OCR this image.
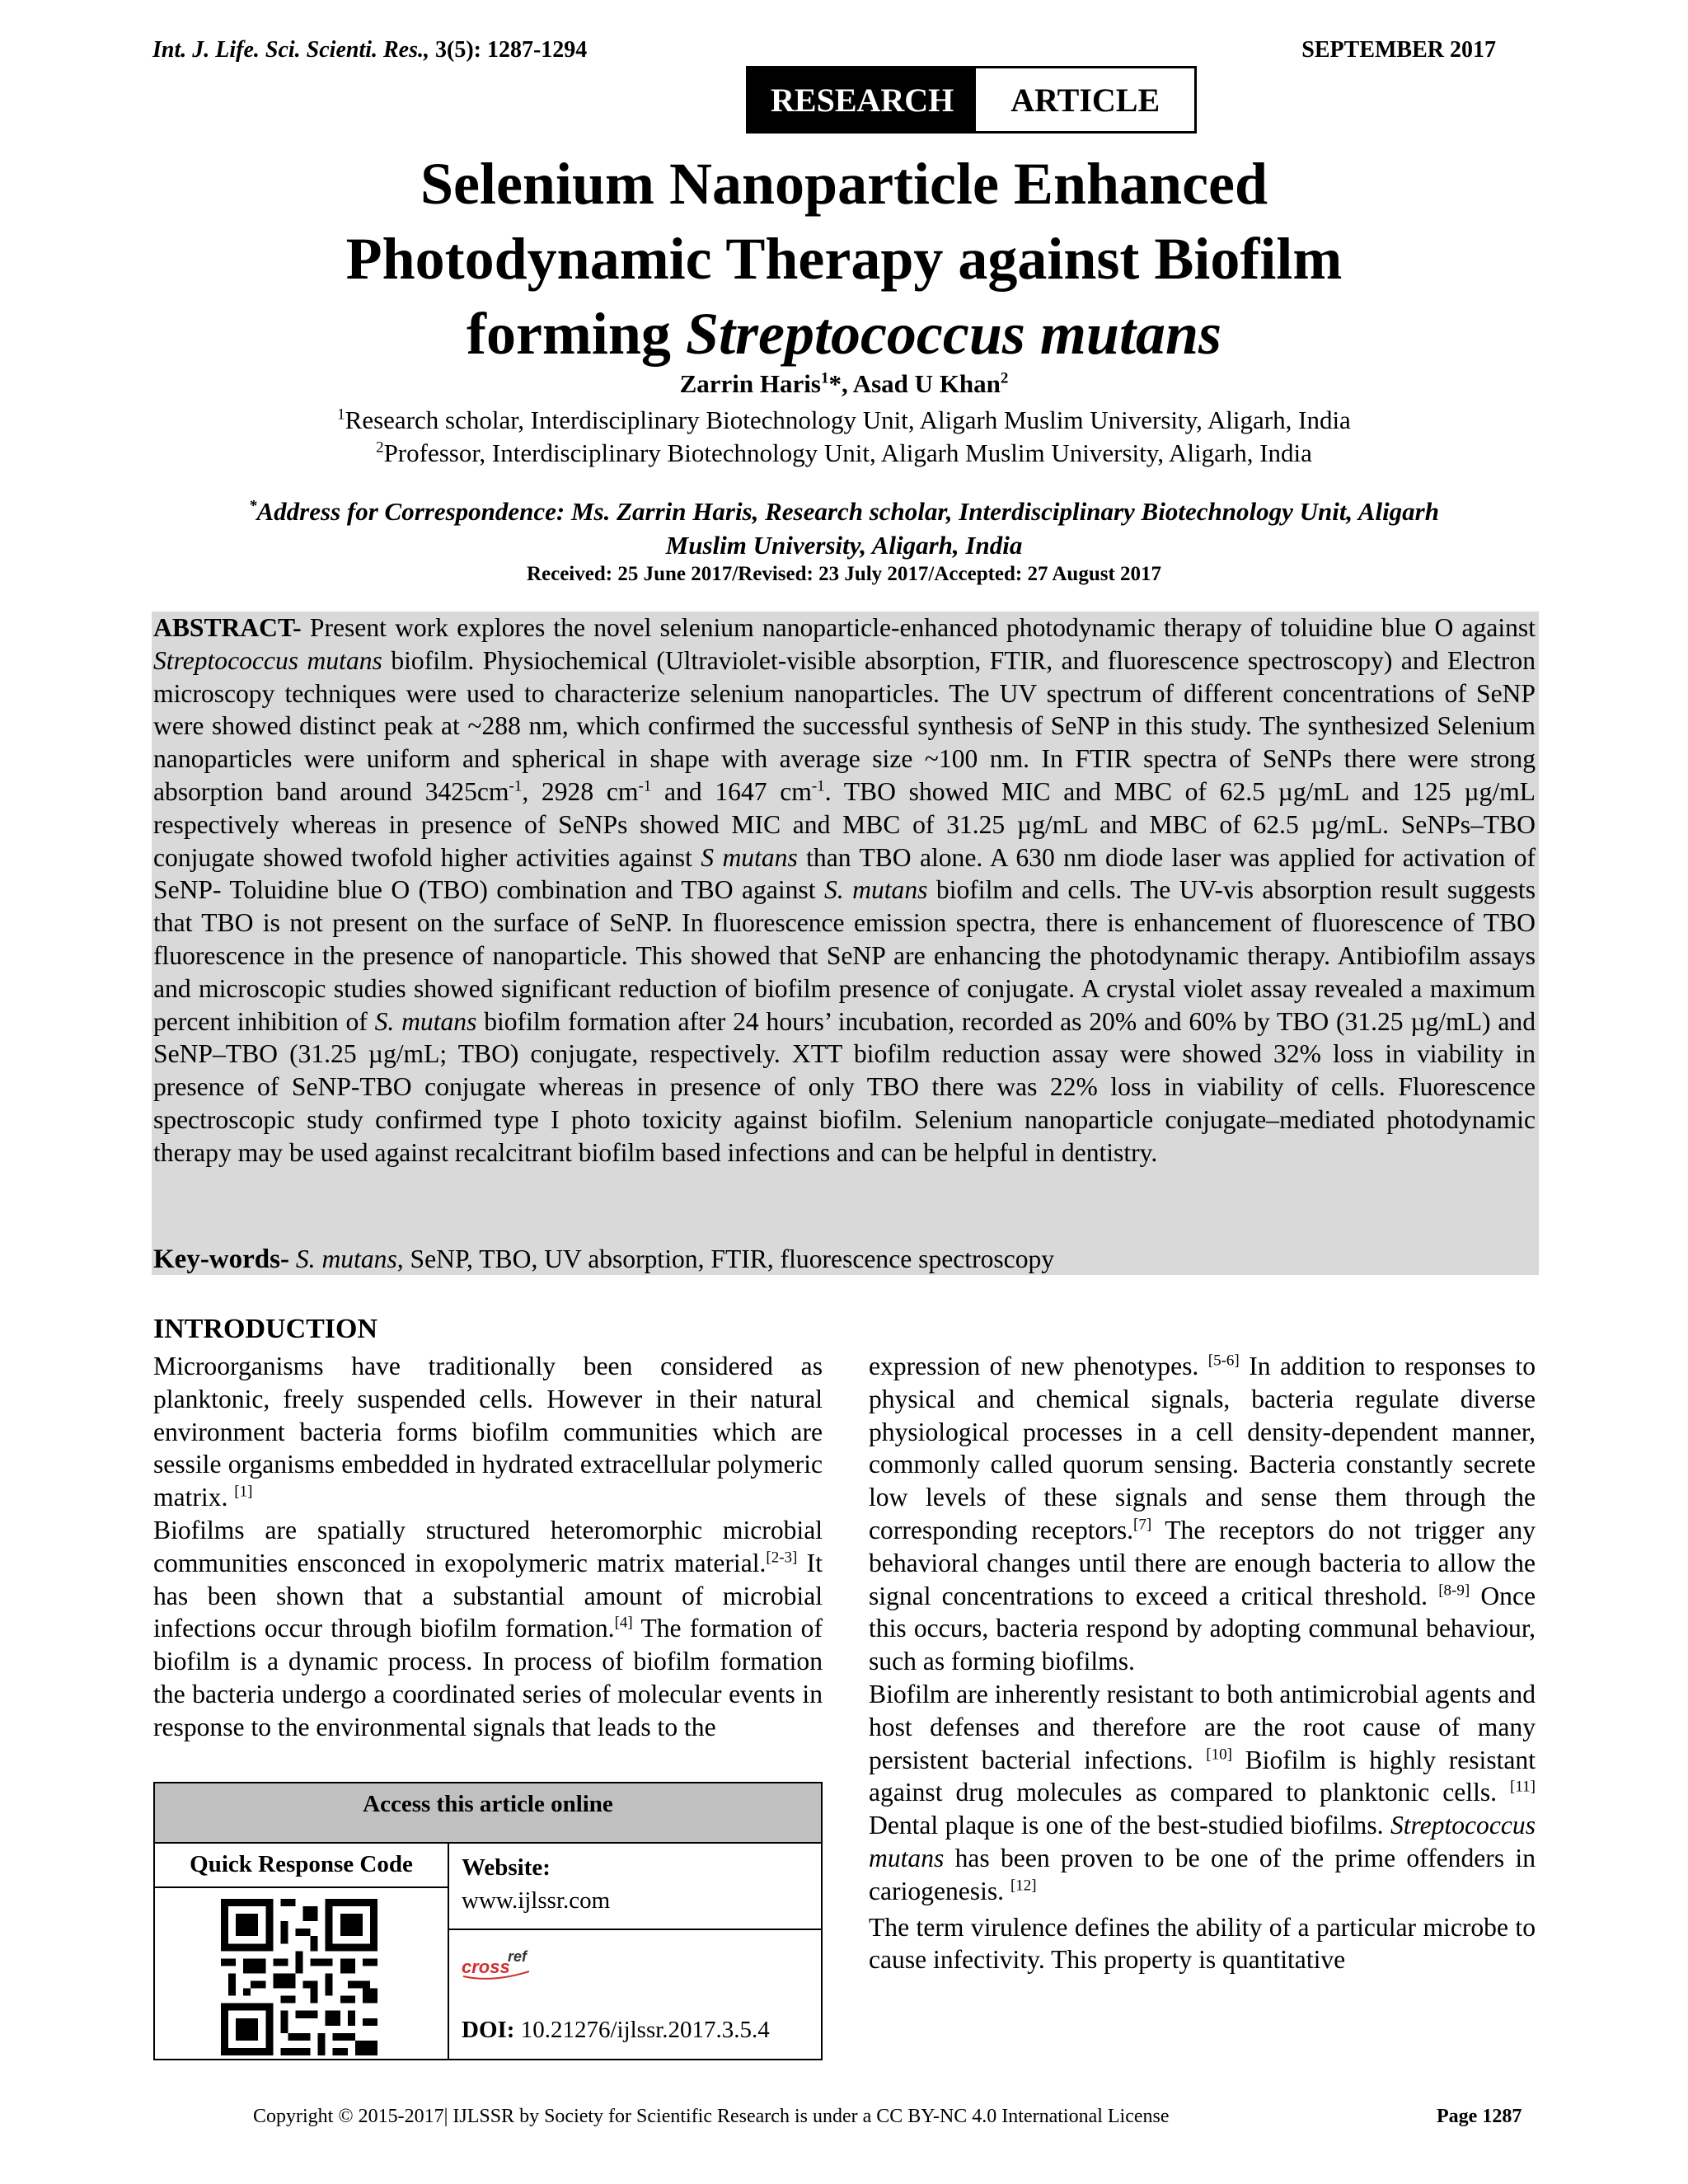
Int. J. Life. Sci. Scienti. Res., 3(5): 1287-1294	SEPTEMBER 2017
RESEARCH	ARTICLE
Selenium Nanoparticle Enhanced
Photodynamic Therapy against Biofilm
forming Streptococcus mutans
Zarrin Haris$^1$*, Asad U Khan$^2$
$^1$Research scholar, Interdisciplinary Biotechnology Unit, Aligarh Muslim University, Aligarh, India
$^2$Professor, Interdisciplinary Biotechnology Unit, Aligarh Muslim University, Aligarh, India
*Address for Correspondence: Ms. Zarrin Haris, Research scholar, Interdisciplinary Biotechnology Unit, Aligarh
Muslim University, Aligarh, India
Received: 25 June 2017/Revised: 23 July 2017/Accepted: 27 August 2017
ABSTRACT- Present work explores the novel selenium nanoparticle-enhanced photodynamic therapy of toluidine blue O against Streptococcus mutans biofilm. Physiochemical (Ultraviolet-visible absorption, FTIR, and fluorescence spectroscopy) and Electron microscopy techniques were used to characterize selenium nanoparticles. The UV spectrum of different concentrations of SeNP were showed distinct peak at ~288 nm, which confirmed the successful synthesis of SeNP in this study. The synthesized Selenium nanoparticles were uniform and spherical in shape with average size ~100 nm. In FTIR spectra of SeNPs there were strong absorption band around $3425cm^{-1}$, 2928 $cm^{-1}$ and 1647 $cm^{-1}$. TBO showed MIC and MBC of 62.5 µg/mL and 125 µg/mL respectively whereas in presence of SeNPs showed MIC and MBC of 31.25 µg/mL and MBC of 62.5 µg/mL. SeNPs–TBO conjugate showed twofold higher activities against S mutans than TBO alone. A 630 nm diode laser was applied for activation of SeNP- Toluidine blue O (TBO) combination and TBO against S. mutans biofilm and cells. The UV-vis absorption result suggests that TBO is not present on the surface of SeNP. In fluorescence emission spectra, there is enhancement of fluorescence of TBO fluorescence in the presence of nanoparticle. This showed that SeNP are enhancing the photodynamic therapy. Antibiofilm assays and microscopic studies showed significant reduction of biofilm presence of conjugate. A crystal violet assay revealed a maximum percent inhibition of S. mutans biofilm formation after 24 hours’ incubation, recorded as 20% and 60% by TBO (31.25 µg/mL) and SeNP–TBO (31.25 µg/mL; TBO) conjugate, respectively. XTT biofilm reduction assay were showed 32% loss in viability in presence of SeNP-TBO conjugate whereas in presence of only TBO there was 22% loss in viability of cells. Fluorescence spectroscopic study confirmed type I photo toxicity against biofilm. Selenium nanoparticle conjugate–mediated photodynamic therapy may be used against recalcitrant biofilm based infections and can be helpful in dentistry.
Key-words- S. mutans, SeNP, TBO, UV absorption, FTIR, fluorescence spectroscopy
INTRODUCTION
Microorganisms have traditionally been considered as planktonic, freely suspended cells. However in their natural environment bacteria forms biofilm communities which are sessile organisms embedded in hydrated extracellular polymeric matrix. [1]
Biofilms are spatially structured heteromorphic microbial communities ensconced in exopolymeric matrix material.[2-3] It has been shown that a substantial amount of microbial infections occur through biofilm formation.[4] The formation of biofilm is a dynamic process. In process of biofilm formation the bacteria undergo a coordinated series of molecular events in response to the environmental signals that leads to the
expression of new phenotypes. [5-6] In addition to responses to physical and chemical signals, bacteria regulate diverse physiological processes in a cell density-dependent manner, commonly called quorum sensing. Bacteria constantly secrete low levels of these signals and sense them through the corresponding receptors.[7] The receptors do not trigger any behavioral changes until there are enough bacteria to allow the signal concentrations to exceed a critical threshold. [8-9] Once this occurs, bacteria respond by adopting communal behaviour, such as forming biofilms.
Biofilm are inherently resistant to both antimicrobial agents and host defenses and therefore are the root cause of many persistent bacterial infections. [10] Biofilm is highly resistant against drug molecules as compared to planktonic cells. [11] Dental plaque is one of the best-studied biofilms. Streptococcus mutans has been proven to be one of the prime offenders in cariogenesis. [12]
The term virulence defines the ability of a particular microbe to cause infectivity. This property is quantitative
Access this article online
Quick Response Code	Website:
www.ijlssr.com
cross
ref
DOI: 10.21276/ijlssr.2017.3.5.4
Copyright © 2015-2017| IJLSSR by Society for Scientific Research is under a CC BY-NC 4.0 International License	Page 1287
